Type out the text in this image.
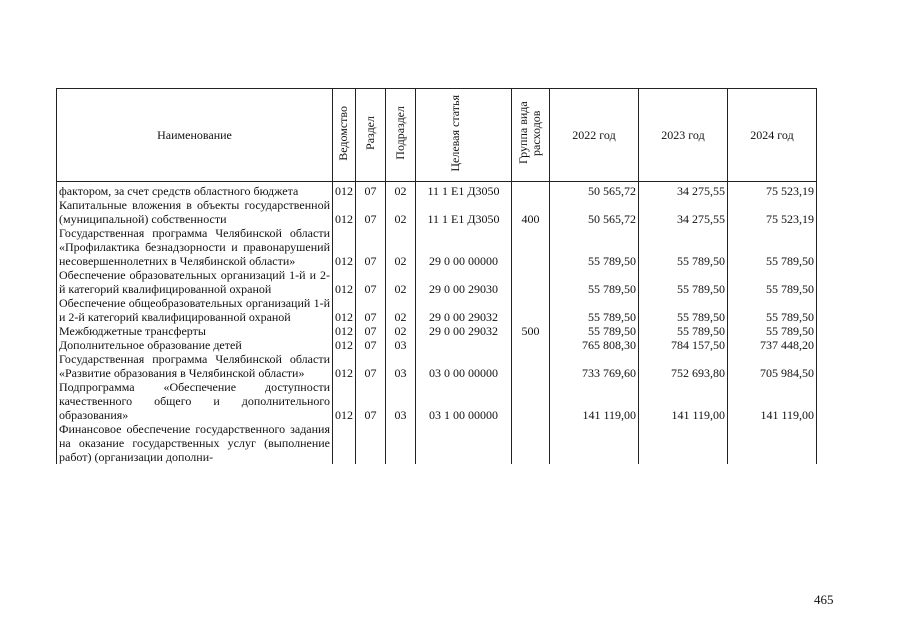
Наименование	Ведомство	Раздел	Подраздел	Целевая статья	Группа вида расходов	2022 год	2023 год	2024 год
фактором, за счет средств областного бюджета	012	07	02	11 1 E1 Д3050		50 565,72	34 275,55	75 523,19
Капитальные вложения в объекты государственной (муниципальной) собственности	012	07	02	11 1 E1 Д3050	400	50 565,72	34 275,55	75 523,19
Государственная программа Челябинской области «Профилактика безнадзорности и правонарушений несовершеннолетних в Челябинской области»	012	07	02	29 0 00 00000		55 789,50	55 789,50	55 789,50
Обеспечение образовательных организаций 1-й и 2-й категорий квалифицированной охраной	012	07	02	29 0 00 29030		55 789,50	55 789,50	55 789,50
Обеспечение общеобразовательных организаций 1-й и 2-й категорий квалифицированной охраной	012	07	02	29 0 00 29032		55 789,50	55 789,50	55 789,50
Межбюджетные трансферты	012	07	02	29 0 00 29032	500	55 789,50	55 789,50	55 789,50
Дополнительное образование детей	012	07	03			765 808,30	784 157,50	737 448,20
Государственная программа Челябинской области «Развитие образования в Челябинской области»	012	07	03	03 0 00 00000		733 769,60	752 693,80	705 984,50
Подпрограмма «Обеспечение доступности качественного общего и дополнительного образования»	012	07	03	03 1 00 00000		141 119,00	141 119,00	141 119,00
Финансовое обеспечение государственного задания на оказание государственных услуг (выполнение работ) (организации дополни-								
465
